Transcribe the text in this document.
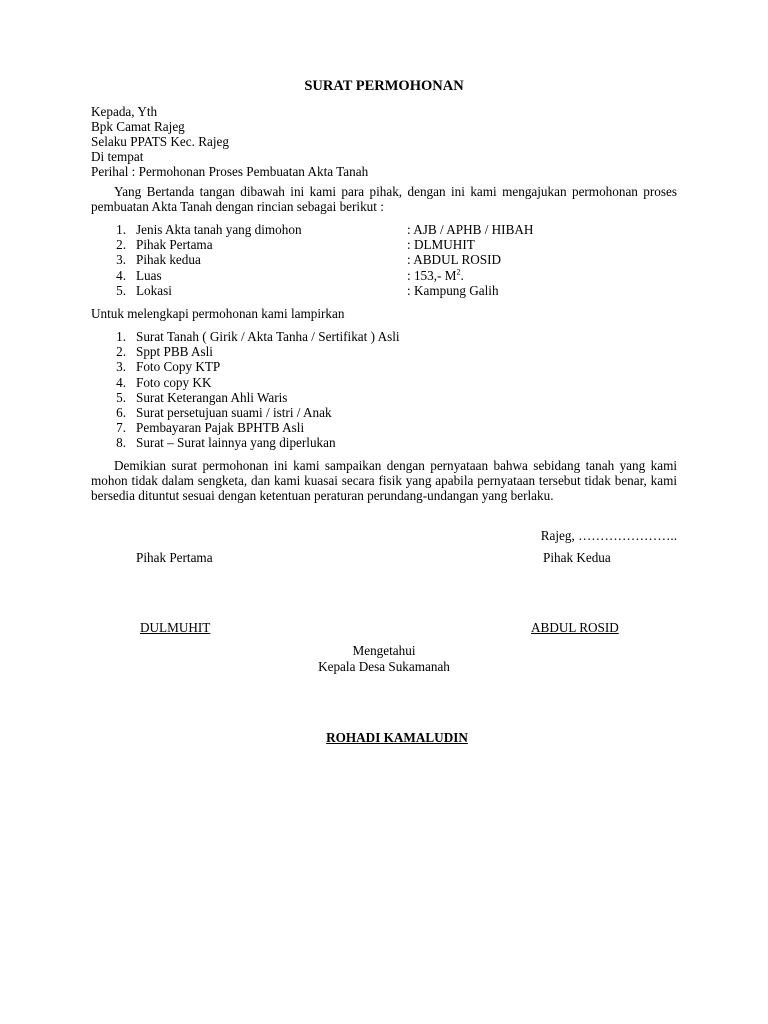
SURAT PERMOHONAN
Kepada, Yth
Bpk Camat Rajeg
Selaku PPATS Kec. Rajeg
Di tempat
Perihal : Permohonan Proses Pembuatan Akta Tanah
Yang Bertanda tangan dibawah ini kami para pihak, dengan ini kami mengajukan permohonan proses pembuatan Akta Tanah dengan rincian sebagai berikut :
1. Jenis Akta tanah yang dimohon	: AJB / APHB / HIBAH
2. Pihak Pertama	: DLMUHIT
3. Pihak kedua	: ABDUL ROSID
4. Luas	: 153,- $M^2$.
5. Lokasi	: Kampung Galih
Untuk melengkapi permohonan kami lampirkan
1. Surat Tanah ( Girik / Akta Tanha / Sertifikat ) Asli
2. Sppt PBB Asli
3. Foto Copy KTP
4. Foto copy KK
5. Surat Keterangan Ahli Waris
6. Surat persetujuan suami / istri / Anak
7. Pembayaran Pajak BPHTB Asli
8. Surat – Surat lainnya yang diperlukan
Demikian surat permohonan ini kami sampaikan dengan pernyataan bahwa sebidang tanah yang kami mohon tidak dalam sengketa, dan kami kuasai secara fisik yang apabila pernyataan tersebut tidak benar, kami bersedia dituntut sesuai dengan ketentuan peraturan perundang-undangan yang berlaku.
Rajeg, …………………..
Pihak Pertama	Pihak Kedua
DULMUHIT	ABDUL ROSID
Mengetahui
Kepala Desa Sukamanah
ROHADI KAMALUDIN
